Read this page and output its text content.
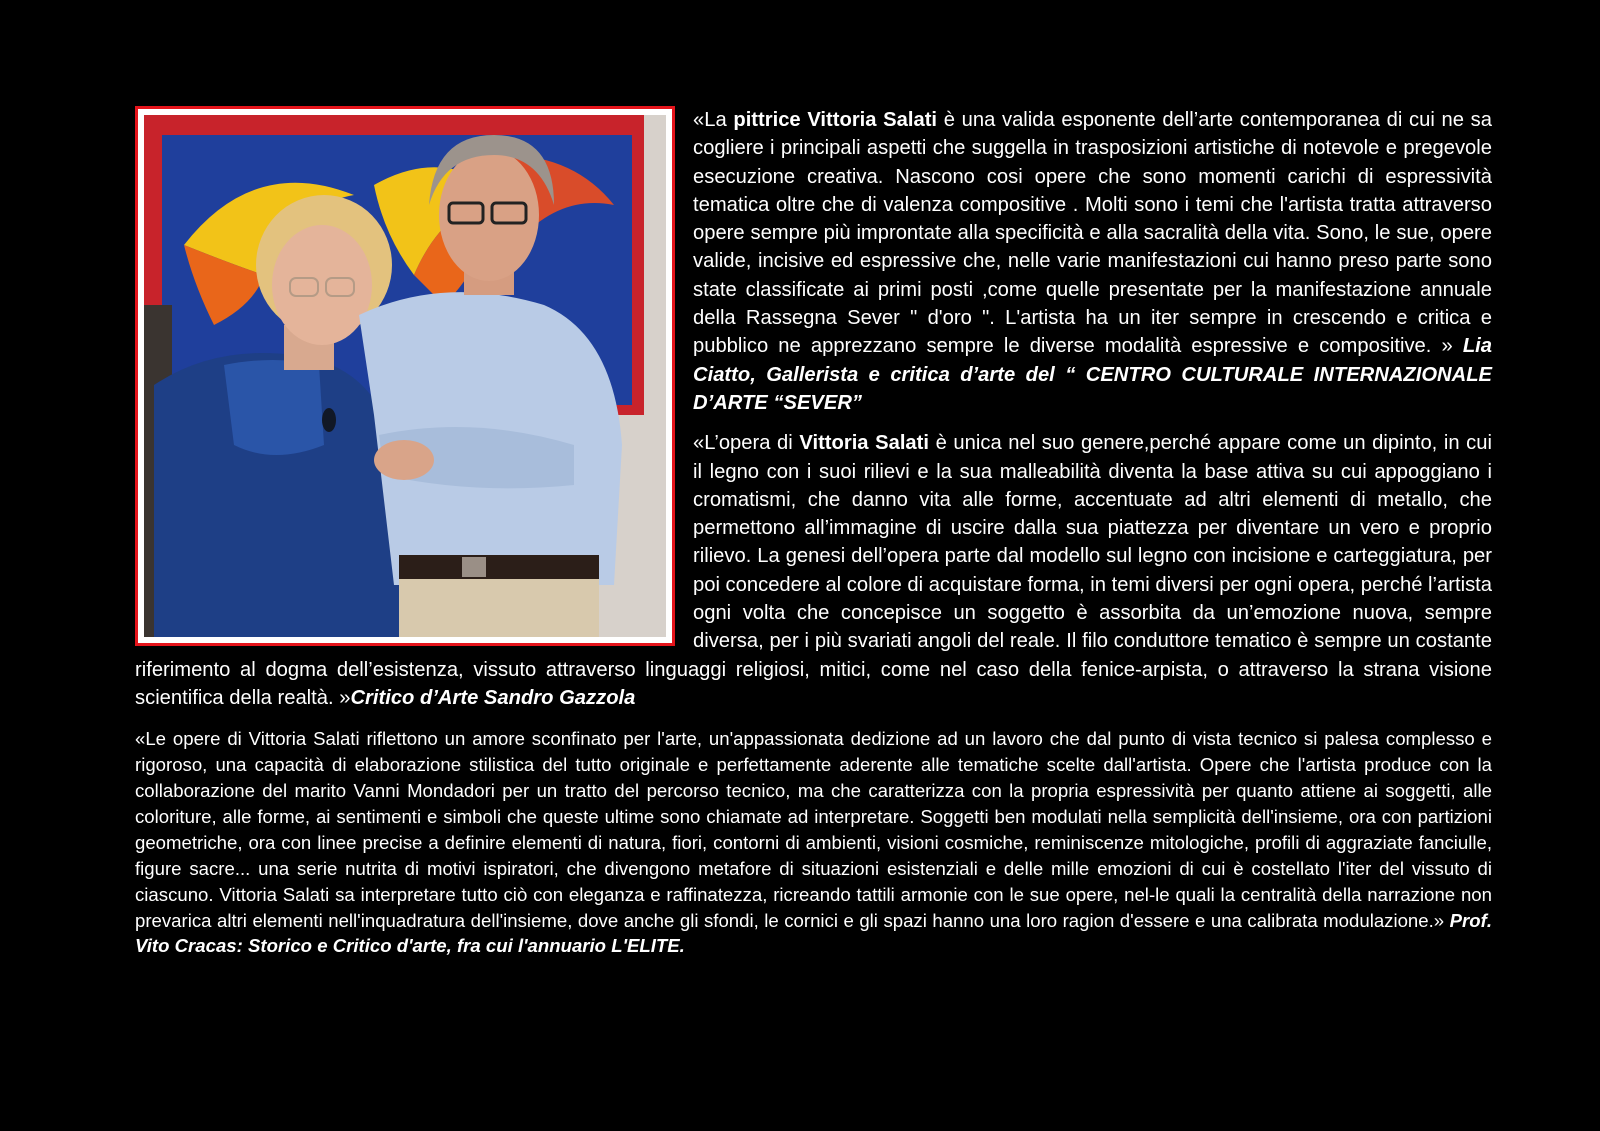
«La pittrice Vittoria Salati è una valida esponente dell’arte contemporanea di cui ne sa cogliere i principali aspetti che suggella in trasposizioni artistiche di notevole e pregevole esecuzione creativa. Nascono cosi opere che sono momenti carichi di espressività tematica oltre che di valenza compositive . Molti sono i temi che l'artista tratta attraverso opere sempre più improntate alla specificità e alla sacralità della vita. Sono, le sue, opere valide, incisive ed espressive che, nelle varie manifestazioni cui hanno preso parte sono state classificate ai primi posti ,come quelle presentate per la manifestazione annuale della Rassegna Sever " d'oro ". L'artista ha un iter sempre in crescendo e critica e pubblico ne apprezzano sempre le diverse modalità espressive e compositive. » Lia Ciatto, Gallerista e critica d’arte del “ CENTRO CULTURALE INTERNAZIONALE D’ARTE “SEVER”

«L’opera di Vittoria Salati è unica nel suo genere,perché appare come un dipinto, in cui il legno con i suoi rilievi e la sua malleabilità diventa la base attiva su cui appoggiano i cromatismi, che danno vita alle forme, accentuate ad altri elementi di metallo, che permettono all’immagine di uscire dalla sua piattezza per diventare un vero e proprio rilievo. La genesi dell’opera parte dal modello sul legno con incisione e carteggiatura, per poi concedere al colore di acquistare forma, in temi diversi per ogni opera, perché l’artista ogni volta che concepisce un soggetto è assorbita da un’emozione nuova, sempre diversa, per i più svariati angoli del reale. Il filo conduttore tematico è sempre un costante riferimento al dogma dell’esistenza, vissuto attraverso linguaggi religiosi, mitici, come nel caso della fenice-arpista, o attraverso la strana visione scientifica della realtà. »Critico d’Arte Sandro Gazzola

«Le opere di Vittoria Salati riflettono un amore sconfinato per l'arte, un'appassionata dedizione ad un lavoro che dal punto di vista tecnico si palesa complesso e rigoroso, una capacità di elaborazione stilistica del tutto originale e perfettamente aderente alle tematiche scelte dall'artista. Opere che l'artista produce con la collaborazione del marito Vanni Mondadori per un tratto del percorso tecnico, ma che caratterizza con la propria espressività per quanto attiene ai soggetti, alle coloriture, alle forme, ai sentimenti e simboli che queste ultime sono chiamate ad interpretare. Soggetti ben modulati nella semplicità dell'insieme, ora con partizioni geometriche, ora con linee precise a definire elementi di natura, fiori, contorni di ambienti, visioni cosmiche, reminiscenze mitologiche, profili di aggraziate fanciulle, figure sacre... una serie nutrita di motivi ispiratori, che divengono metafore di situazioni esistenziali e delle mille emozioni di cui è costellato l'iter del vissuto di ciascuno. Vittoria Salati sa interpretare tutto ciò con eleganza e raffinatezza, ricreando tattili armonie con le sue opere, nel-le quali la centralità della narrazione non prevarica altri elementi nell'inquadratura dell'insieme, dove anche gli sfondi, le cornici e gli spazi hanno una loro ragion d'essere e una calibrata modulazione.» Prof. Vito Cracas: Storico e Critico d'arte, fra cui l'annuario L'ELITE.
